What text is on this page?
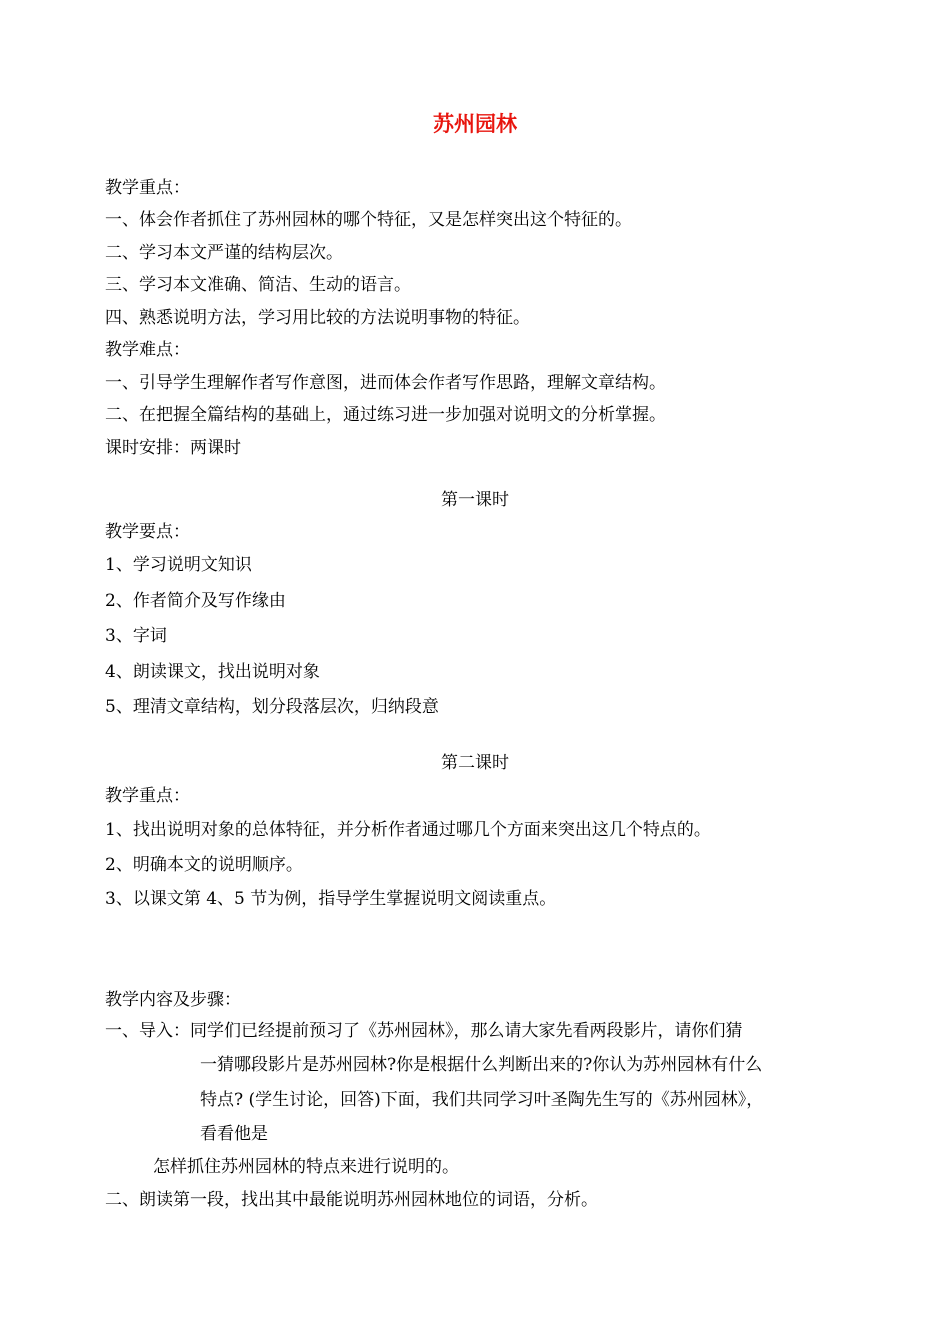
苏州园林

教学重点：

一、体会作者抓住了苏州园林的哪个特征，又是怎样突出这个特征的。

二、学习本文严谨的结构层次。

三、学习本文准确、简洁、生动的语言。

四、熟悉说明方法，学习用比较的方法说明事物的特征。

教学难点：

一、引导学生理解作者写作意图，进而体会作者写作思路，理解文章结构。

二、在把握全篇结构的基础上，通过练习进一步加强对说明文的分析掌握。

课时安排：两课时

第一课时

教学要点：

1、学习说明文知识

2、作者简介及写作缘由

3、字词

4、朗读课文，找出说明对象

5、理清文章结构，划分段落层次，归纳段意

第二课时

教学重点：

1、找出说明对象的总体特征，并分析作者通过哪几个方面来突出这几个特点的。

2、明确本文的说明顺序。

3、以课文第 4、5 节为例，指导学生掌握说明文阅读重点。

教学内容及步骤：

一、导入：同学们已经提前预习了《苏州园林》，那么请大家先看两段影片，请你们猜

一猜哪段影片是苏州园林?你是根据什么判断出来的?你认为苏州园林有什么

特点? (学生讨论，回答)下面，我们共同学习叶圣陶先生写的《苏州园林》，

看看他是

怎样抓住苏州园林的特点来进行说明的。

二、朗读第一段，找出其中最能说明苏州园林地位的词语，分析。
